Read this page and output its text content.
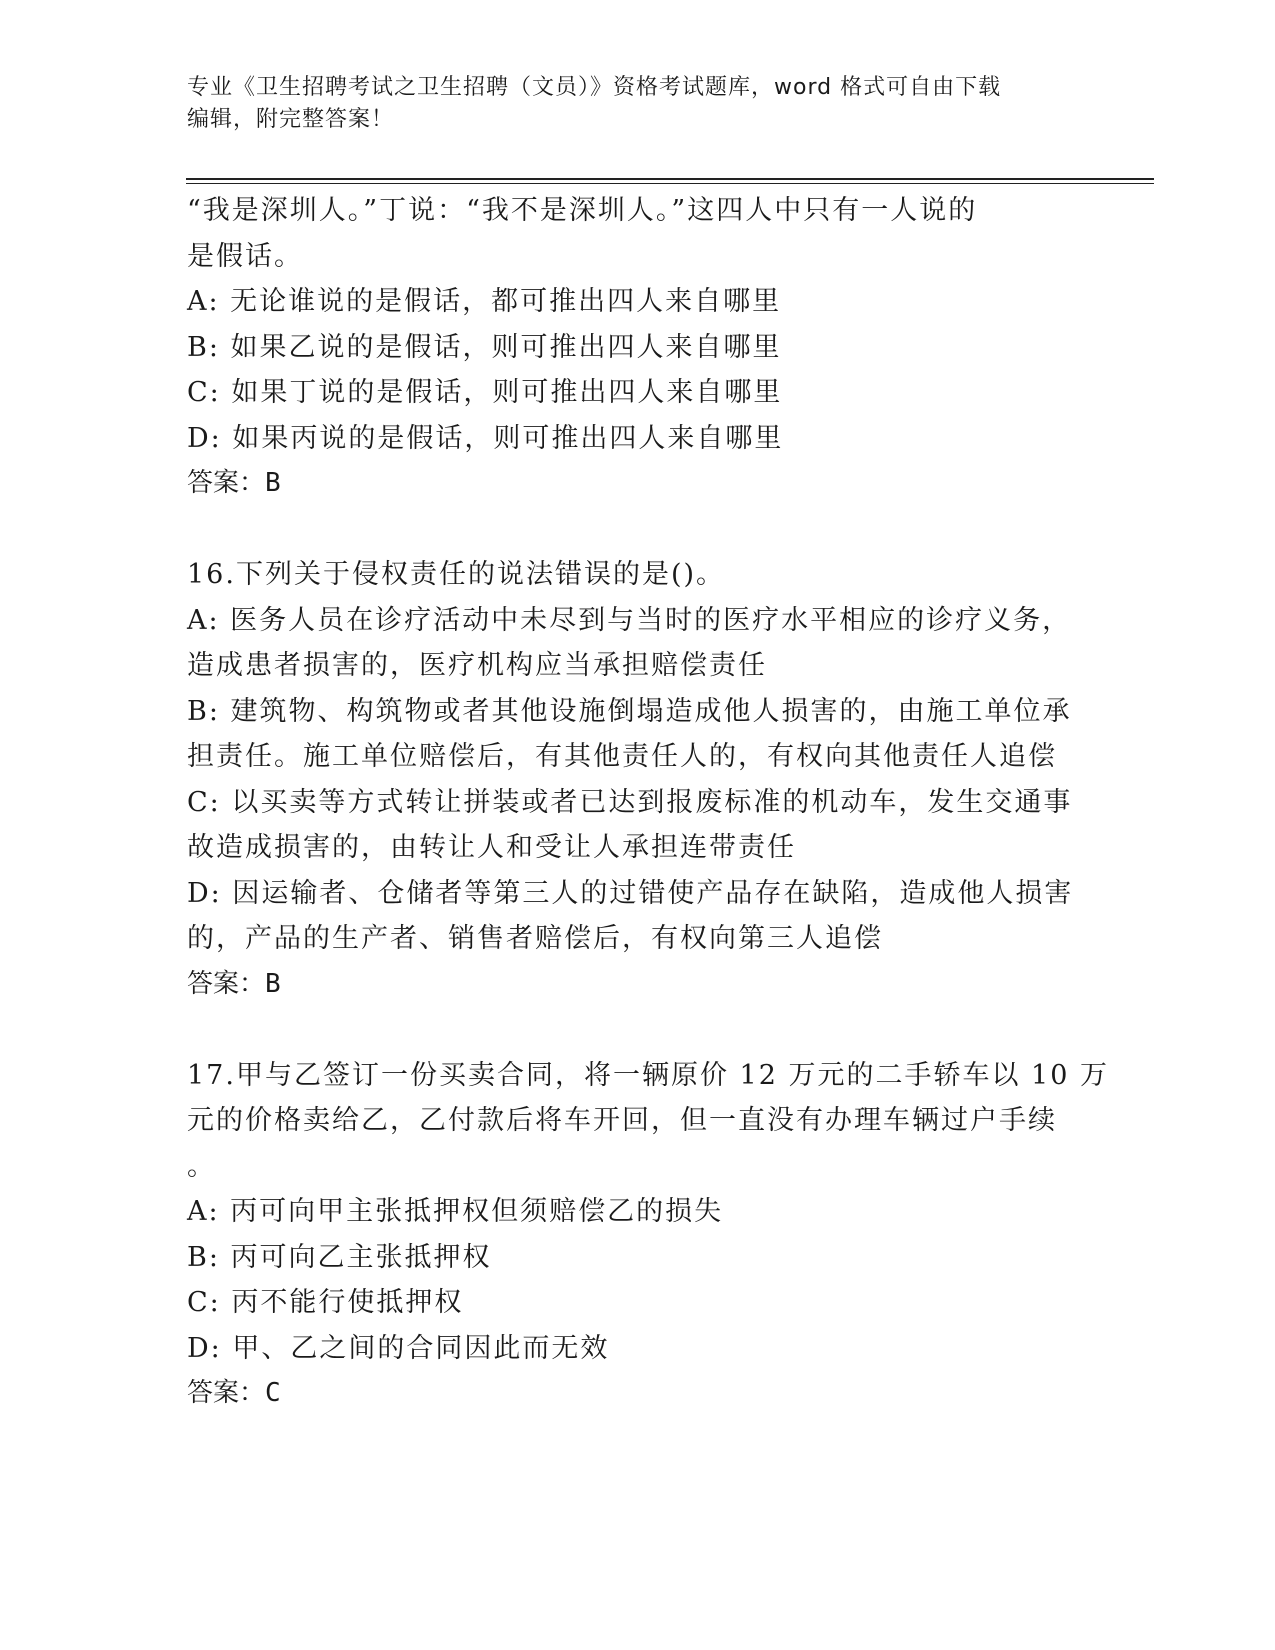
专业《卫生招聘考试之卫生招聘（文员）》资格考试题库，word 格式可自由下载
编辑，附完整答案！
“我是深圳人。”丁说：“我不是深圳人。”这四人中只有一人说的
是假话。
A: 无论谁说的是假话，都可推出四人来自哪里
B: 如果乙说的是假话，则可推出四人来自哪里
C: 如果丁说的是假话，则可推出四人来自哪里
D: 如果丙说的是假话，则可推出四人来自哪里
答案：B
16.下列关于侵权责任的说法错误的是()。
A: 医务人员在诊疗活动中未尽到与当时的医疗水平相应的诊疗义务，
造成患者损害的，医疗机构应当承担赔偿责任
B: 建筑物、构筑物或者其他设施倒塌造成他人损害的，由施工单位承
担责任。施工单位赔偿后，有其他责任人的，有权向其他责任人追偿
C: 以买卖等方式转让拼装或者已达到报废标准的机动车，发生交通事
故造成损害的，由转让人和受让人承担连带责任
D: 因运输者、仓储者等第三人的过错使产品存在缺陷，造成他人损害
的，产品的生产者、销售者赔偿后，有权向第三人追偿
答案：B
17.甲与乙签订一份买卖合同，将一辆原价 12 万元的二手轿车以 10 万
元的价格卖给乙，乙付款后将车开回，但一直没有办理车辆过户手续
。
A: 丙可向甲主张抵押权但须赔偿乙的损失
B: 丙可向乙主张抵押权
C: 丙不能行使抵押权
D: 甲、乙之间的合同因此而无效
答案：C
